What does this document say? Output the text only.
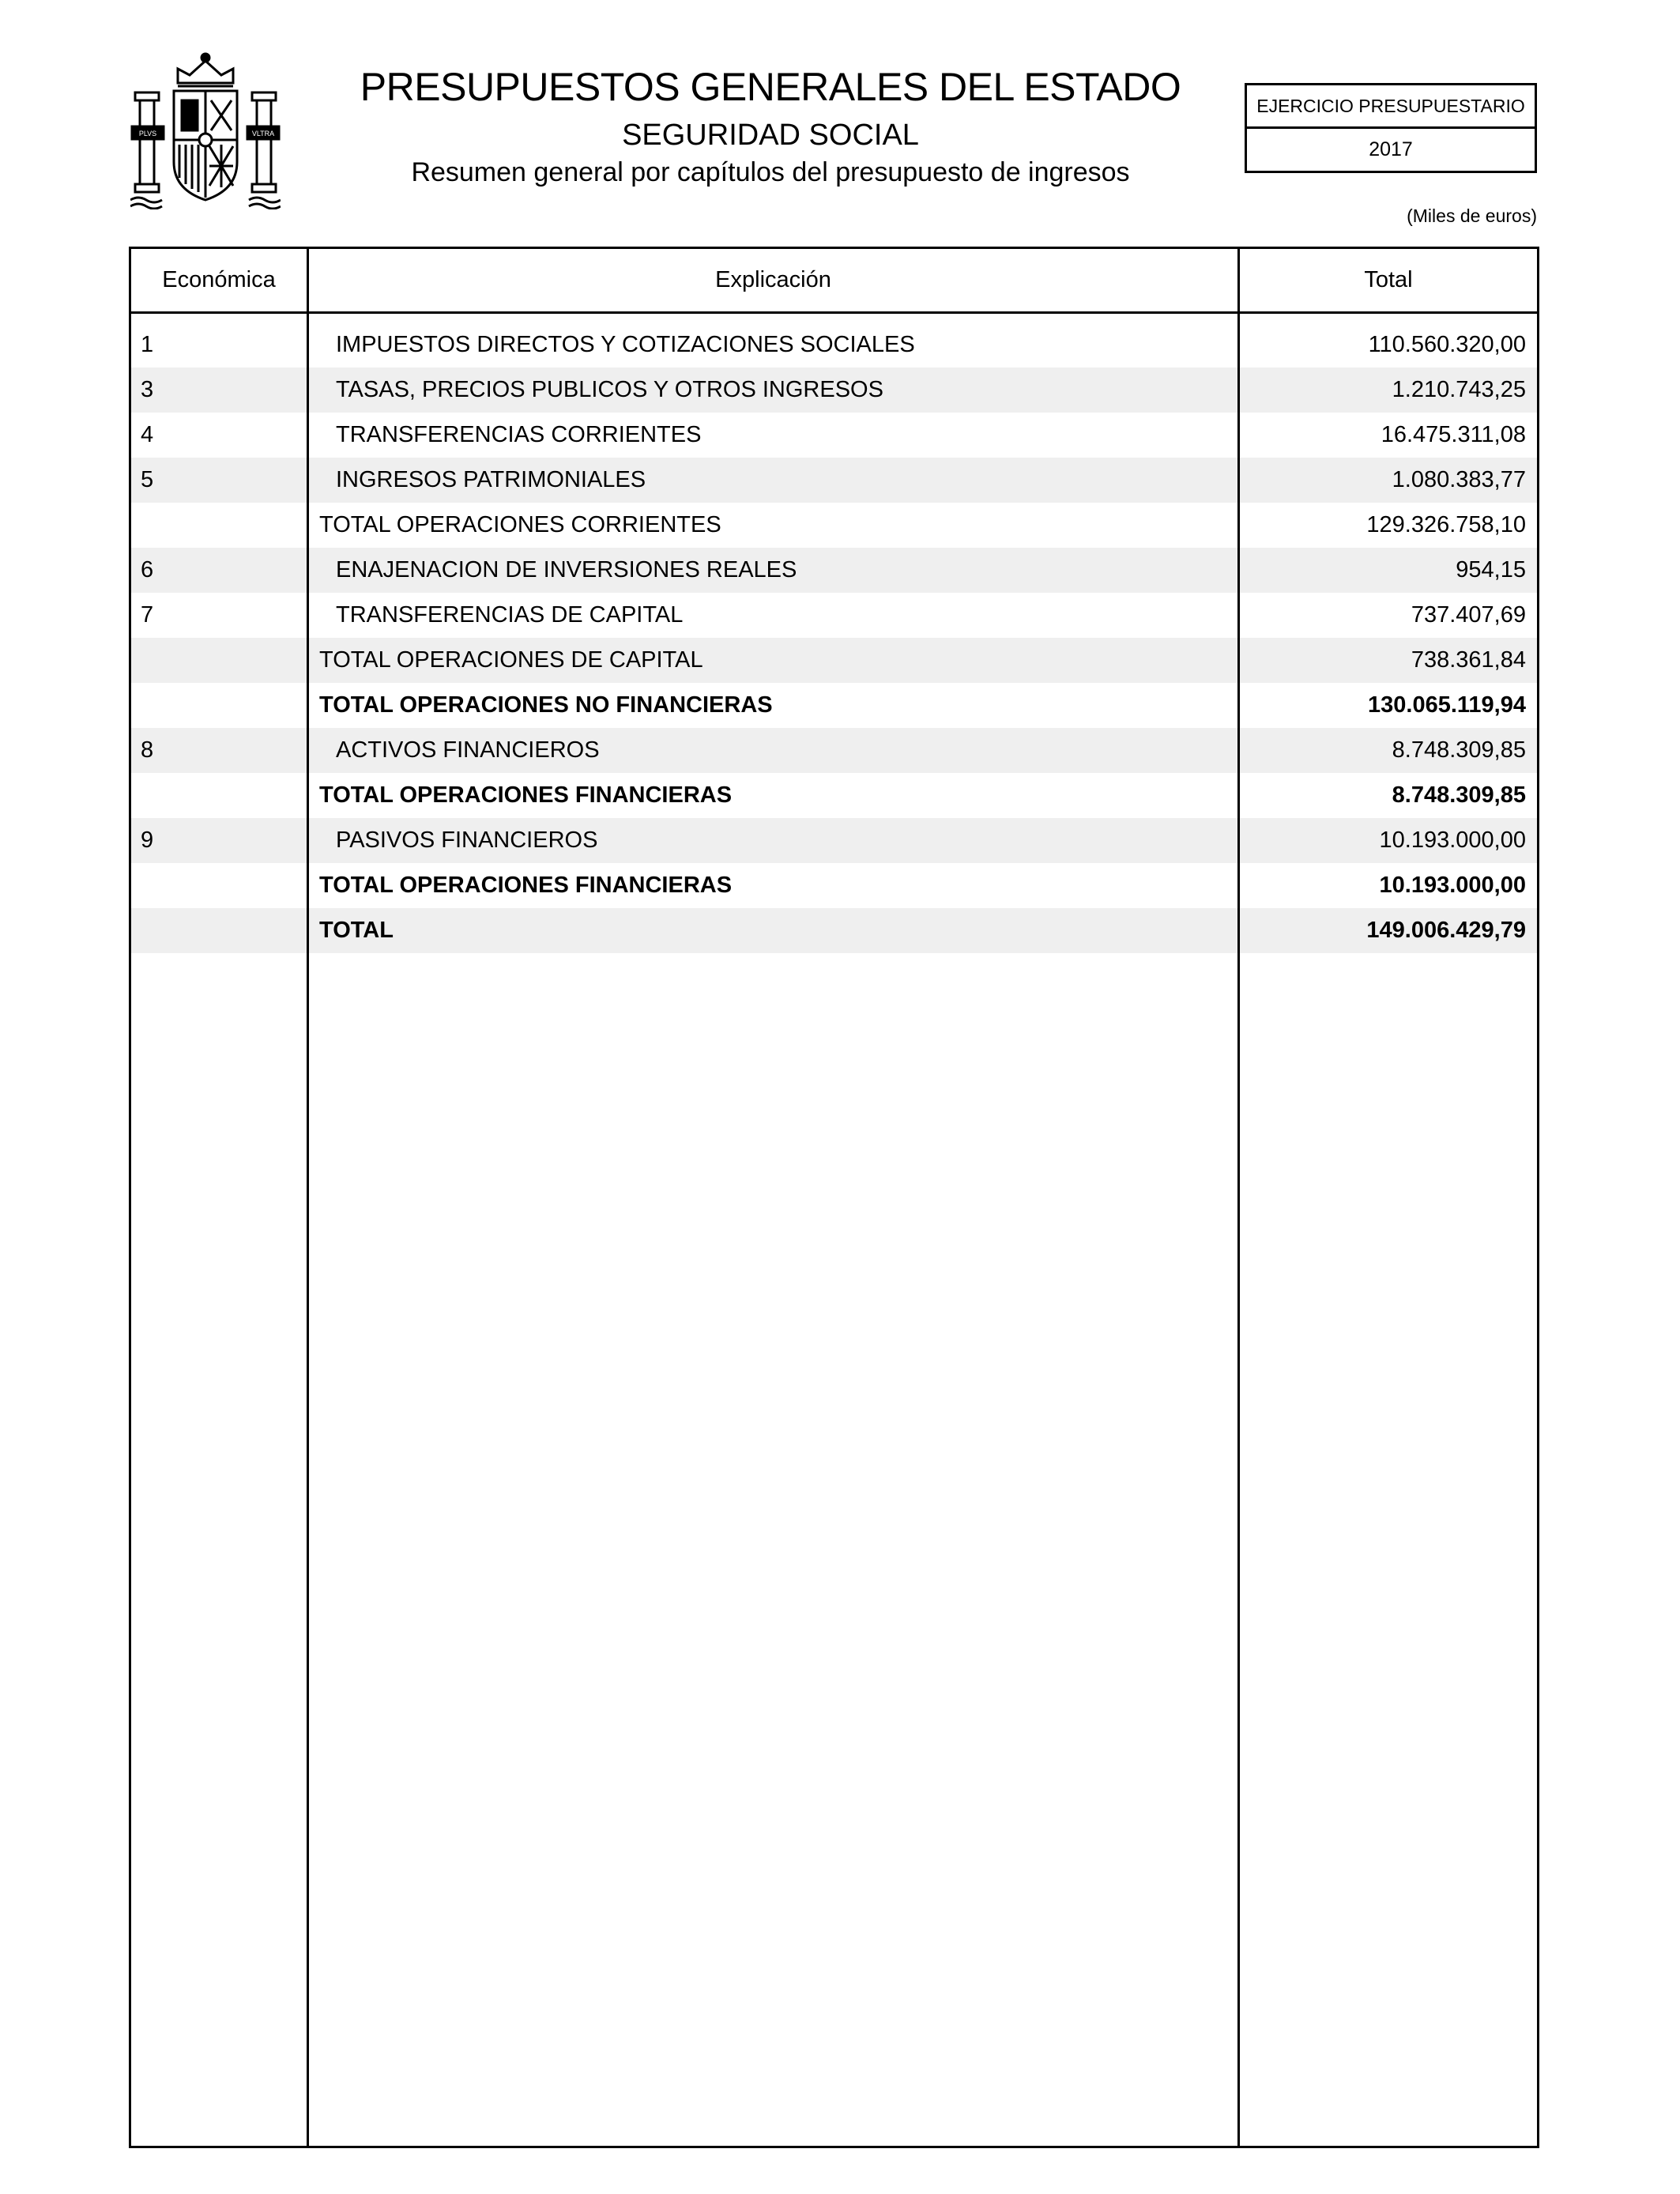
PLVS	VLTRA
PRESUPUESTOS GENERALES DEL ESTADO
SEGURIDAD SOCIAL
Resumen general por capítulos del presupuesto de ingresos
EJERCICIO PRESUPUESTARIO
2017
(Miles de euros)
Económica	Explicación	Total
1	IMPUESTOS DIRECTOS Y COTIZACIONES SOCIALES	110.560.320,00
3	TASAS, PRECIOS PUBLICOS Y OTROS INGRESOS	1.210.743,25
4	TRANSFERENCIAS CORRIENTES	16.475.311,08
5	INGRESOS PATRIMONIALES	1.080.383,77
TOTAL OPERACIONES CORRIENTES	129.326.758,10
6	ENAJENACION DE INVERSIONES REALES	954,15
7	TRANSFERENCIAS DE CAPITAL	737.407,69
TOTAL OPERACIONES DE CAPITAL	738.361,84
TOTAL OPERACIONES NO FINANCIERAS	130.065.119,94
8	ACTIVOS FINANCIEROS	8.748.309,85
TOTAL OPERACIONES FINANCIERAS	8.748.309,85
9	PASIVOS FINANCIEROS	10.193.000,00
TOTAL OPERACIONES FINANCIERAS	10.193.000,00
TOTAL	149.006.429,79
